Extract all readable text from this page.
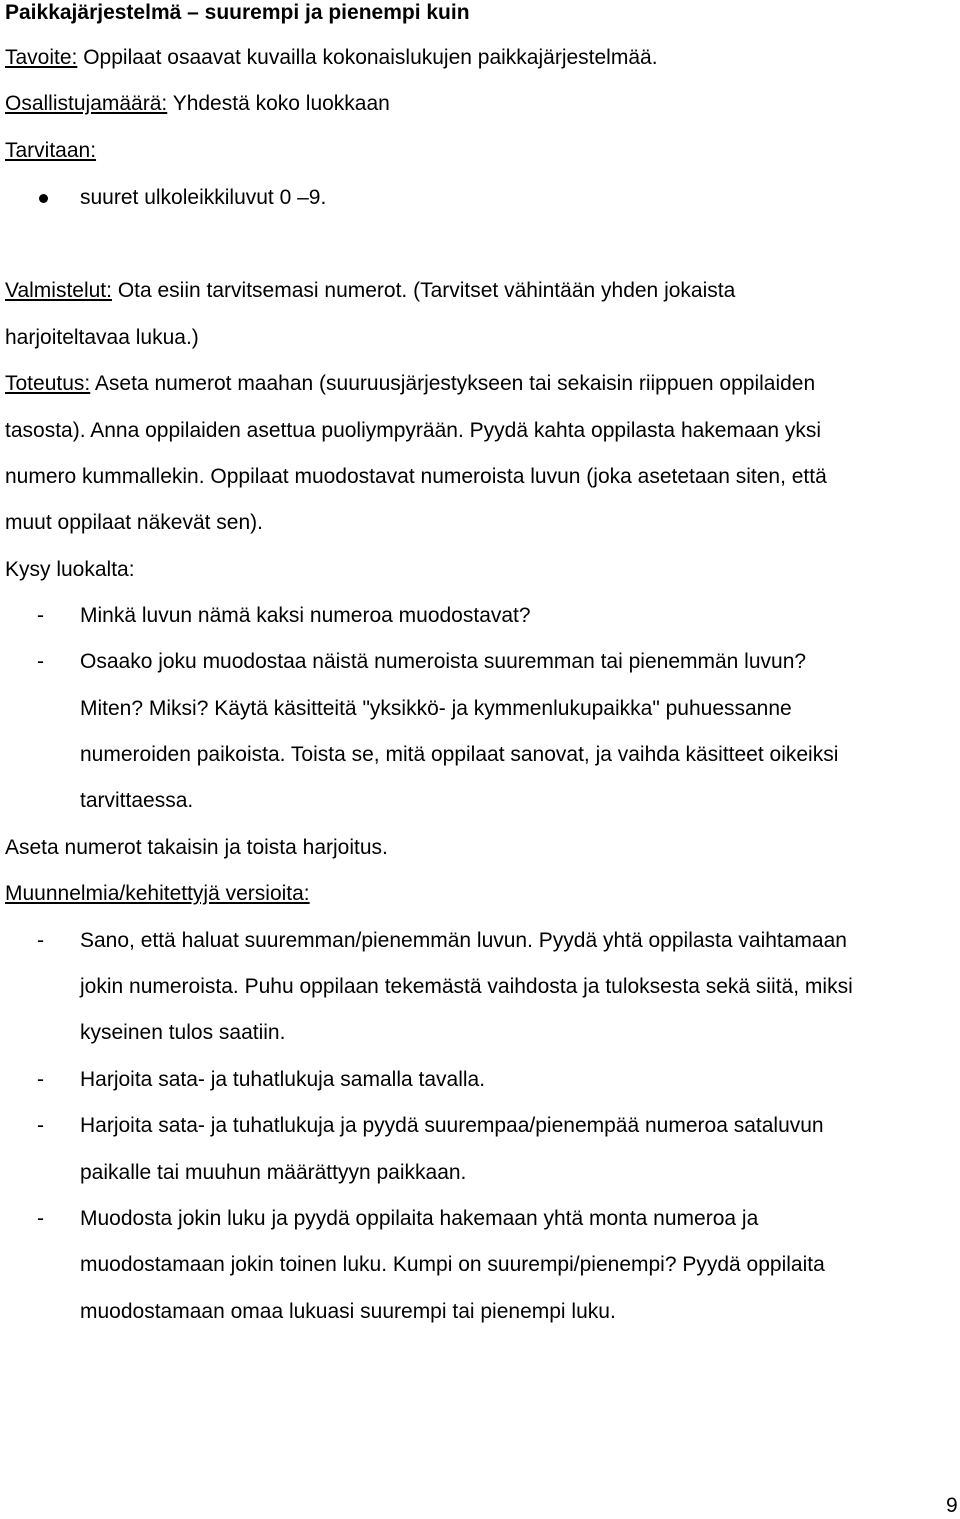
Paikkajärjestelmä – suurempi ja pienempi kuin
Tavoite: Oppilaat osaavat kuvailla kokonaislukujen paikkajärjestelmää.
Osallistujamäärä: Yhdestä koko luokkaan
Tarvitaan:
suuret ulkoleikkiluvut 0 –9.
Valmistelut: Ota esiin tarvitsemasi numerot. (Tarvitset vähintään yhden jokaista
harjoiteltavaa lukua.)
Toteutus: Aseta numerot maahan (suuruusjärjestykseen tai sekaisin riippuen oppilaiden
tasosta). Anna oppilaiden asettua puoliympyrään. Pyydä kahta oppilasta hakemaan yksi
numero kummallekin. Oppilaat muodostavat numeroista luvun (joka asetetaan siten, että
muut oppilaat näkevät sen).
Kysy luokalta:
- Minkä luvun nämä kaksi numeroa muodostavat?
- Osaako joku muodostaa näistä numeroista suuremman tai pienemmän luvun?
Miten? Miksi? Käytä käsitteitä "yksikkö- ja kymmenlukupaikka" puhuessanne
numeroiden paikoista. Toista se, mitä oppilaat sanovat, ja vaihda käsitteet oikeiksi
tarvittaessa.
Aseta numerot takaisin ja toista harjoitus.
Muunnelmia/kehitettyjä versioita:
- Sano, että haluat suuremman/pienemmän luvun. Pyydä yhtä oppilasta vaihtamaan
jokin numeroista. Puhu oppilaan tekemästä vaihdosta ja tuloksesta sekä siitä, miksi
kyseinen tulos saatiin.
- Harjoita sata- ja tuhatlukuja samalla tavalla.
- Harjoita sata- ja tuhatlukuja ja pyydä suurempaa/pienempää numeroa sataluvun
paikalle tai muuhun määrättyyn paikkaan.
- Muodosta jokin luku ja pyydä oppilaita hakemaan yhtä monta numeroa ja
muodostamaan jokin toinen luku. Kumpi on suurempi/pienempi? Pyydä oppilaita
muodostamaan omaa lukuasi suurempi tai pienempi luku.
9
